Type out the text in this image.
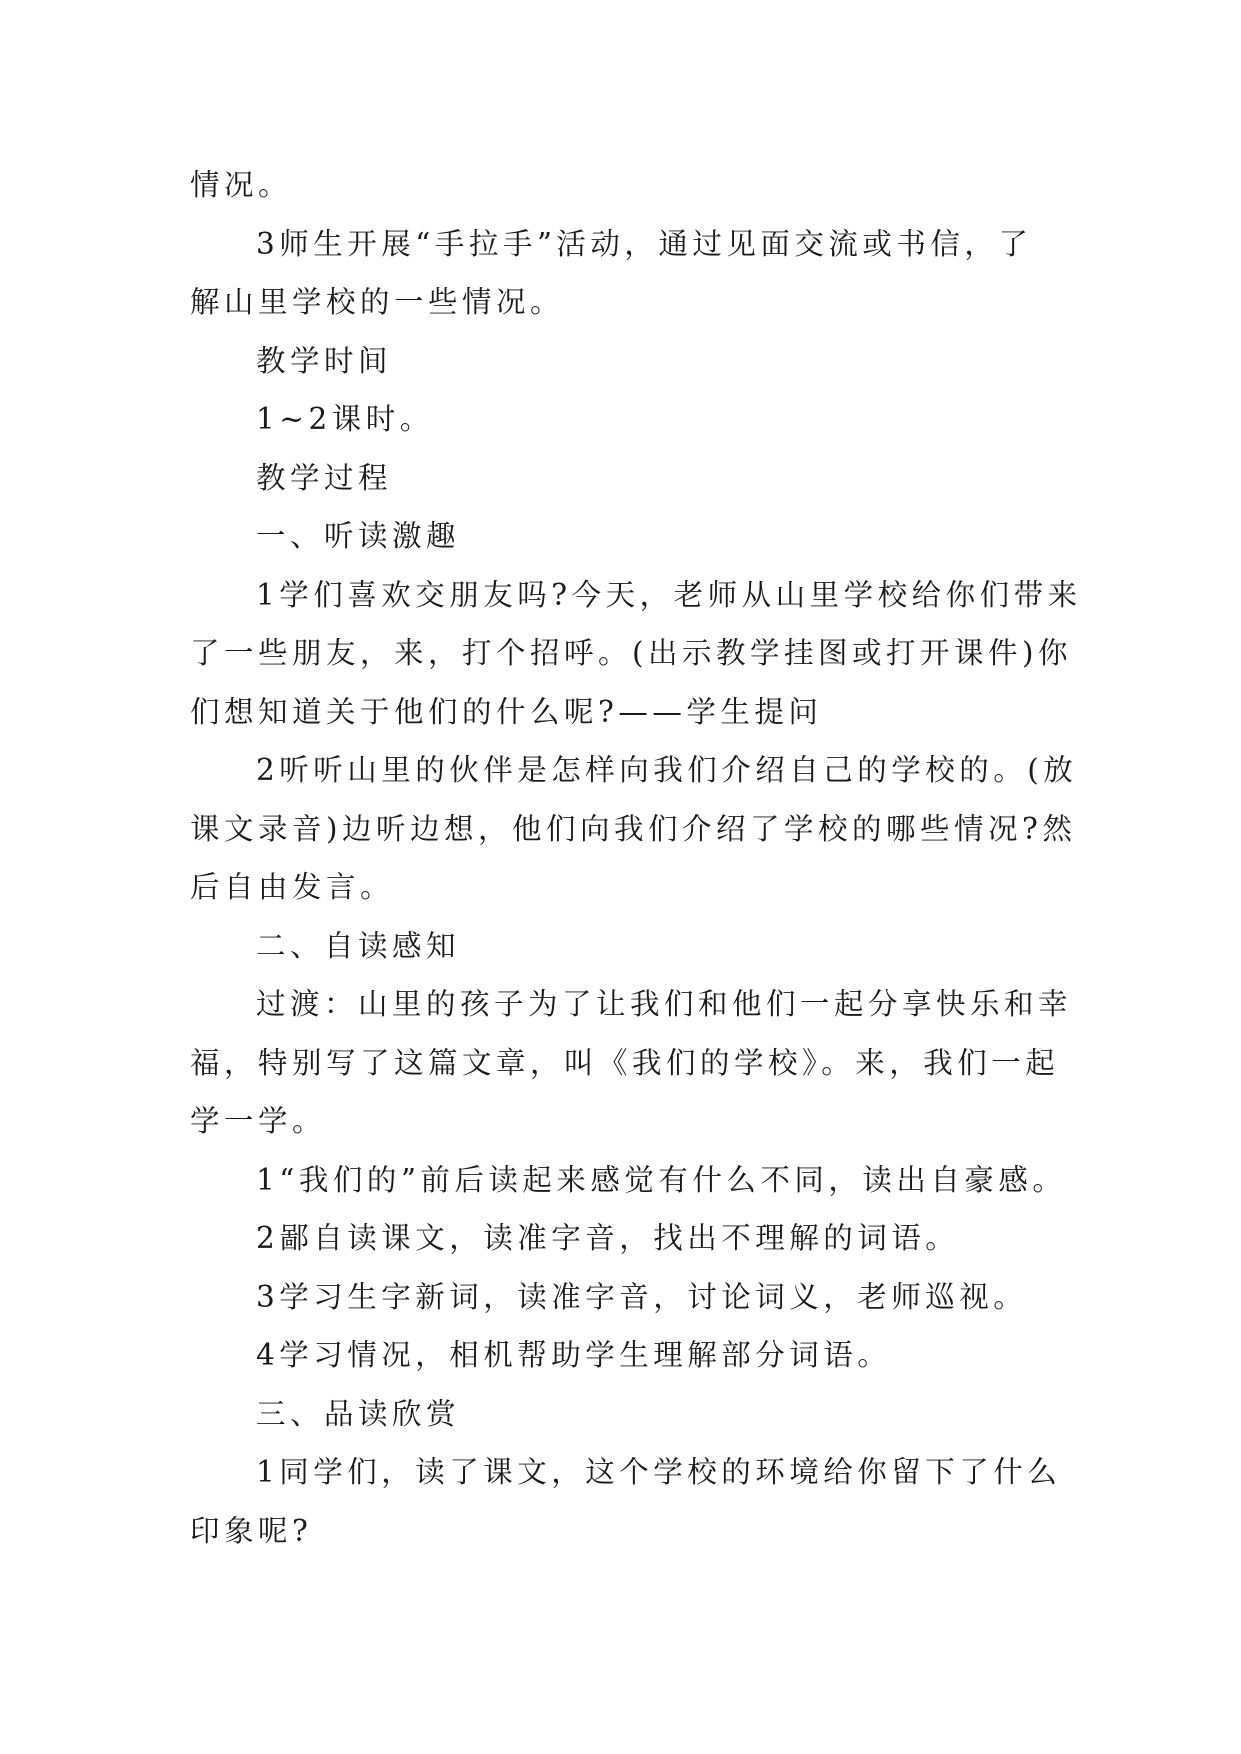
情况。

3师生开展“手拉手”活动，通过见面交流或书信，了

解山里学校的一些情况。

教学时间

1~2课时。

教学过程

一、听读激趣

1学们喜欢交朋友吗?今天，老师从山里学校给你们带来

了一些朋友，来，打个招呼。(出示教学挂图或打开课件)你

们想知道关于他们的什么呢?——学生提问

2听听山里的伙伴是怎样向我们介绍自己的学校的。(放

课文录音)边听边想，他们向我们介绍了学校的哪些情况?然

后自由发言。

二、自读感知

过渡：山里的孩子为了让我们和他们一起分享快乐和幸

福，特别写了这篇文章，叫《我们的学校》。来，我们一起

学一学。

1“我们的”前后读起来感觉有什么不同，读出自豪感。

2鄙自读课文，读准字音，找出不理解的词语。

3学习生字新词，读准字音，讨论词义，老师巡视。

4学习情况，相机帮助学生理解部分词语。

三、品读欣赏

1同学们，读了课文，这个学校的环境给你留下了什么

印象呢?
